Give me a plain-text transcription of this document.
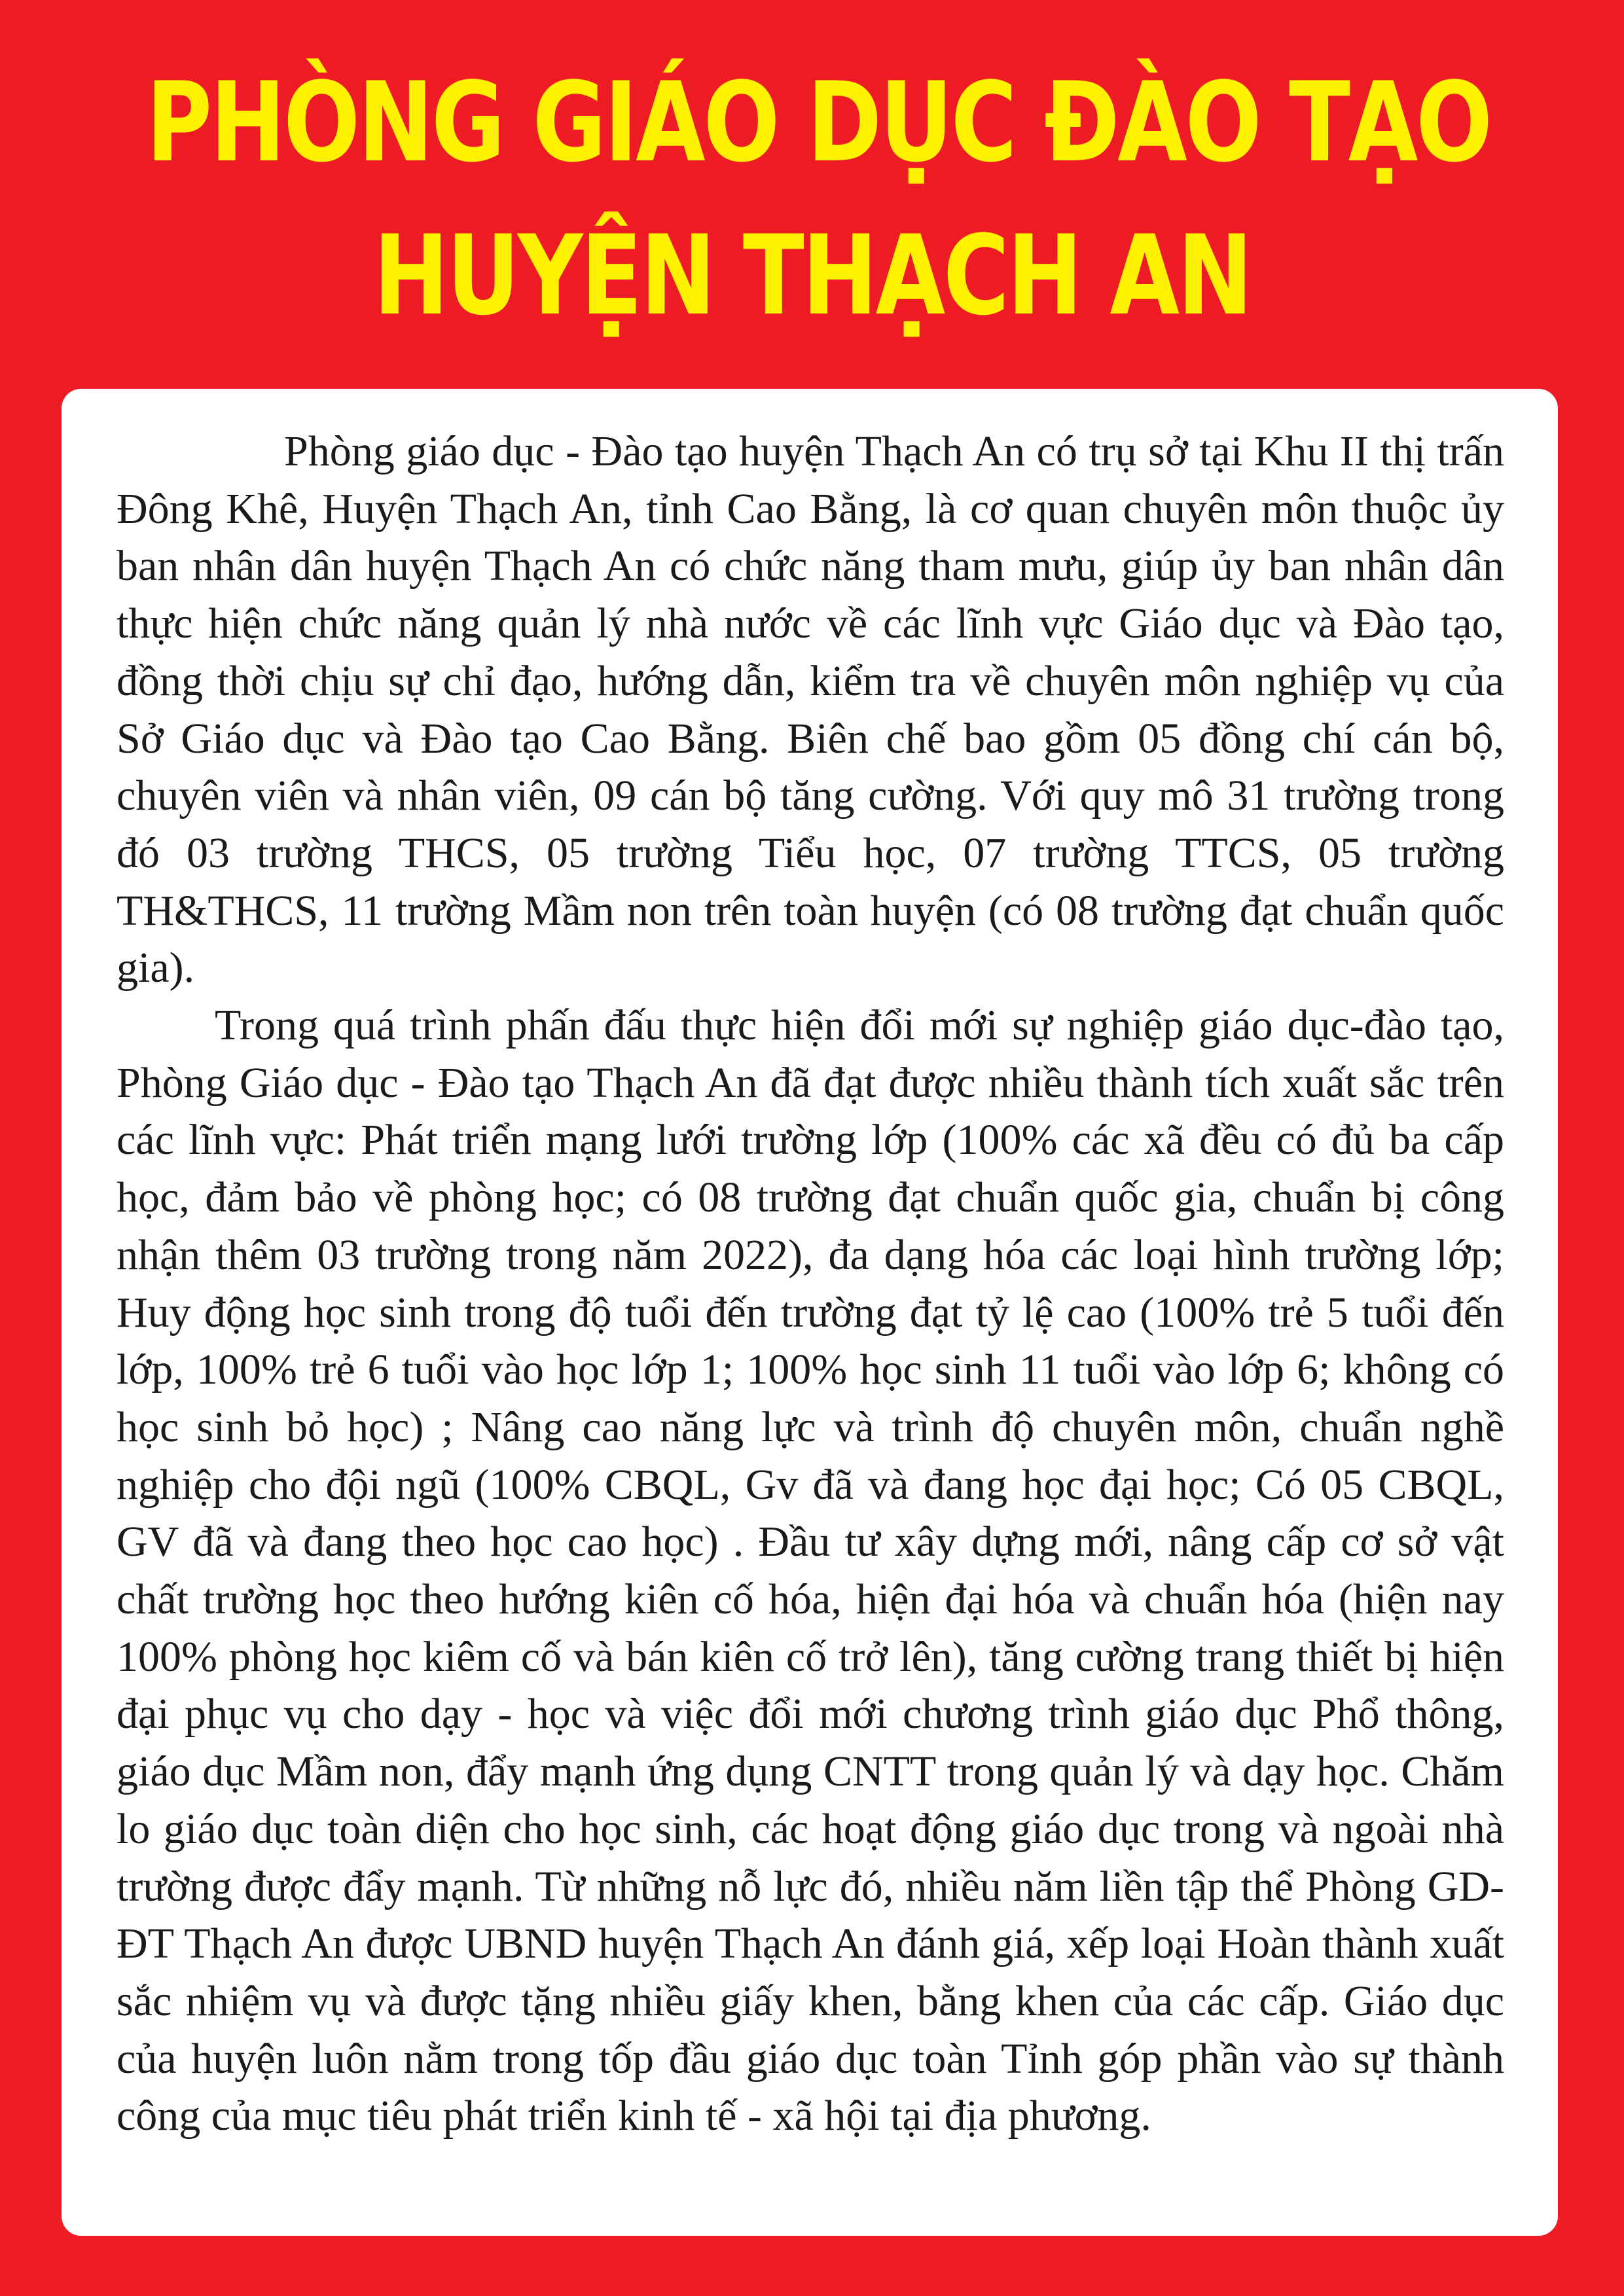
PHÒNG GIÁO DỤC ĐÀO TẠO
HUYỆN THẠCH AN

Phòng giáo dục - Đào tạo huyện Thạch An có trụ sở tại Khu II thị trấn Đông Khê, Huyện Thạch An, tỉnh Cao Bằng, là cơ quan chuyên môn thuộc ủy ban nhân dân huyện Thạch An có chức năng tham mưu, giúp ủy ban nhân dân thực hiện chức năng quản lý nhà nước về các lĩnh vực Giáo dục và Đào tạo, đồng thời chịu sự chỉ đạo, hướng dẫn, kiểm tra về chuyên môn nghiệp vụ của Sở Giáo dục và Đào tạo Cao Bằng. Biên chế bao gồm 05 đồng chí cán bộ, chuyên viên và nhân viên, 09 cán bộ tăng cường. Với quy mô 31 trường trong đó 03 trường THCS, 05 trường Tiểu học, 07 trường TTCS, 05 trường TH&THCS, 11 trường Mầm non trên toàn huyện (có 08 trường đạt chuẩn quốc gia).

Trong quá trình phấn đấu thực hiện đổi mới sự nghiệp giáo dục-đào tạo, Phòng Giáo dục - Đào tạo Thạch An đã đạt được nhiều thành tích xuất sắc trên các lĩnh vực: Phát triển mạng lưới trường lớp (100% các xã đều có đủ ba cấp học, đảm bảo về phòng học; có 08 trường đạt chuẩn quốc gia, chuẩn bị công nhận thêm 03 trường trong năm 2022), đa dạng hóa các loại hình trường lớp; Huy động học sinh trong độ tuổi đến trường đạt tỷ lệ cao (100% trẻ 5 tuổi đến lớp, 100% trẻ 6 tuổi vào học lớp 1; 100% học sinh 11 tuổi vào lớp 6; không có học sinh bỏ học) ; Nâng cao năng lực và trình độ chuyên môn, chuẩn nghề nghiệp cho đội ngũ (100% CBQL, Gv đã và đang học đại học; Có 05 CBQL, GV đã và đang theo học cao học) . Đầu tư xây dựng mới, nâng cấp cơ sở vật chất trường học theo hướng kiên cố hóa, hiện đại hóa và chuẩn hóa (hiện nay 100% phòng học kiêm cố và bán kiên cố trở lên), tăng cường trang thiết bị hiện đại phục vụ cho dạy - học và việc đổi mới chương trình giáo dục Phổ thông, giáo dục Mầm non, đẩy mạnh ứng dụng CNTT trong quản lý và dạy học. Chăm lo giáo dục toàn diện cho học sinh, các hoạt động giáo dục trong và ngoài nhà trường được đẩy mạnh. Từ những nỗ lực đó, nhiều năm liền tập thể Phòng GD-ĐT Thạch An được UBND huyện Thạch An đánh giá, xếp loại Hoàn thành xuất sắc nhiệm vụ và được tặng nhiều giấy khen, bằng khen của các cấp. Giáo dục của huyện luôn nằm trong tốp đầu giáo dục toàn Tỉnh góp phần vào sự thành công của mục tiêu phát triển kinh tế - xã hội tại địa phương.
